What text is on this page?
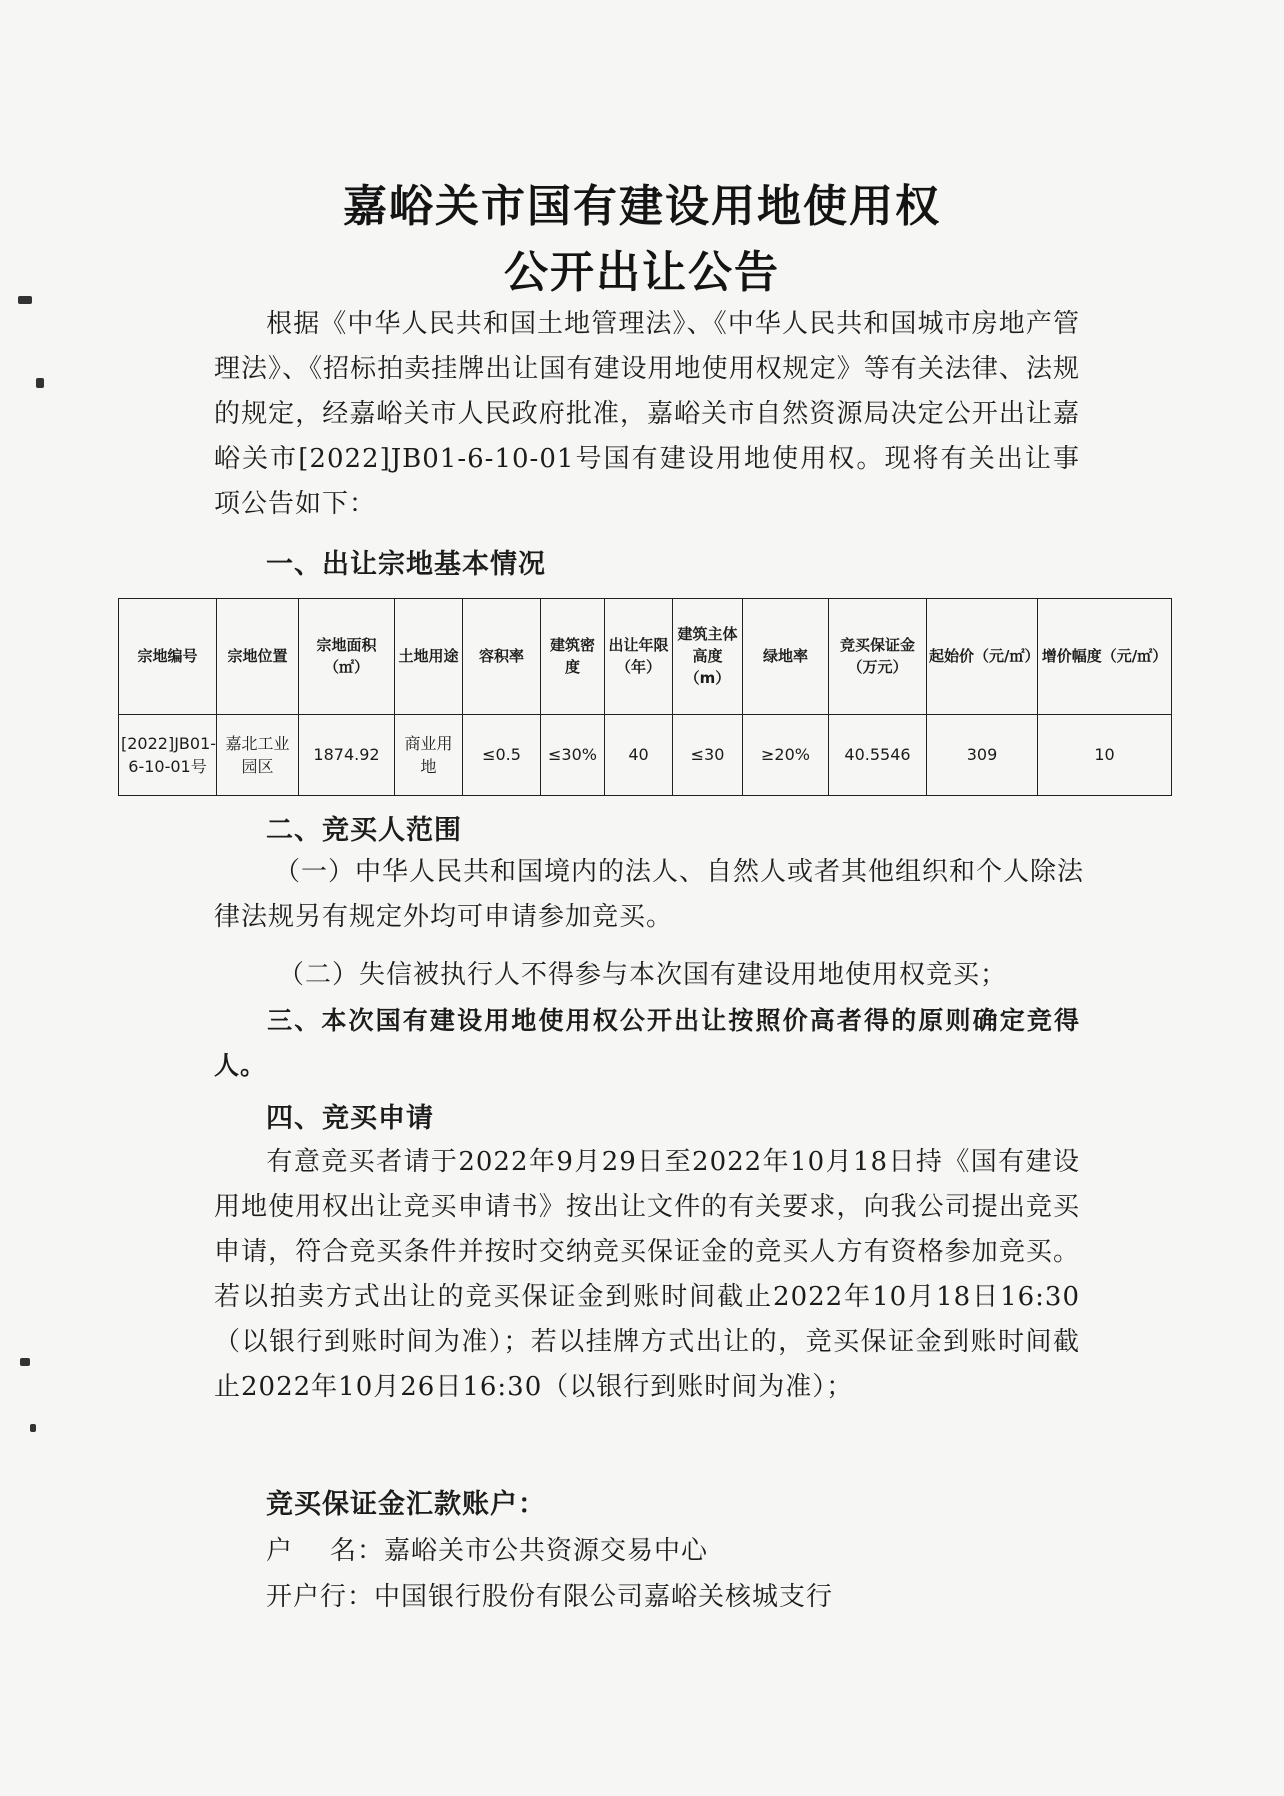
嘉峪关市国有建设用地使用权
公开出让公告
根据《中华人民共和国土地管理法》、《中华人民共和国城市房地产管理法》、《招标拍卖挂牌出让国有建设用地使用权规定》等有关法律、法规的规定，经嘉峪关市人民政府批准，嘉峪关市自然资源局决定公开出让嘉峪关市[2022]JB01-6-10-01号国有建设用地使用权。现将有关出让事项公告如下：
一、出让宗地基本情况
宗地编号	宗地位置	宗地面积（㎡）	土地用途	容积率	建筑密度	出让年限（年）	建筑主体高度（m）	绿地率	竞买保证金（万元）	起始价（元/㎡）	增价幅度（元/㎡）
[2022]JB01-6-10-01号	嘉北工业园区	1874.92	商业用地	≤0.5	≤30%	40	≤30	≥20%	40.5546	309	10
二、竞买人范围
（一）中华人民共和国境内的法人、自然人或者其他组织和个人除法律法规另有规定外均可申请参加竞买。
（二）失信被执行人不得参与本次国有建设用地使用权竞买；
三、本次国有建设用地使用权公开出让按照价高者得的原则确定竞得人。
四、竞买申请
有意竞买者请于2022年9月29日至2022年10月18日持《国有建设用地使用权出让竞买申请书》按出让文件的有关要求，向我公司提出竞买申请，符合竞买条件并按时交纳竞买保证金的竞买人方有资格参加竞买。若以拍卖方式出让的竞买保证金到账时间截止2022年10月18日16:30（以银行到账时间为准）；若以挂牌方式出让的，竞买保证金到账时间截止2022年10月26日16:30（以银行到账时间为准）；
竞买保证金汇款账户：
户    名：嘉峪关市公共资源交易中心
开户行：中国银行股份有限公司嘉峪关核城支行
